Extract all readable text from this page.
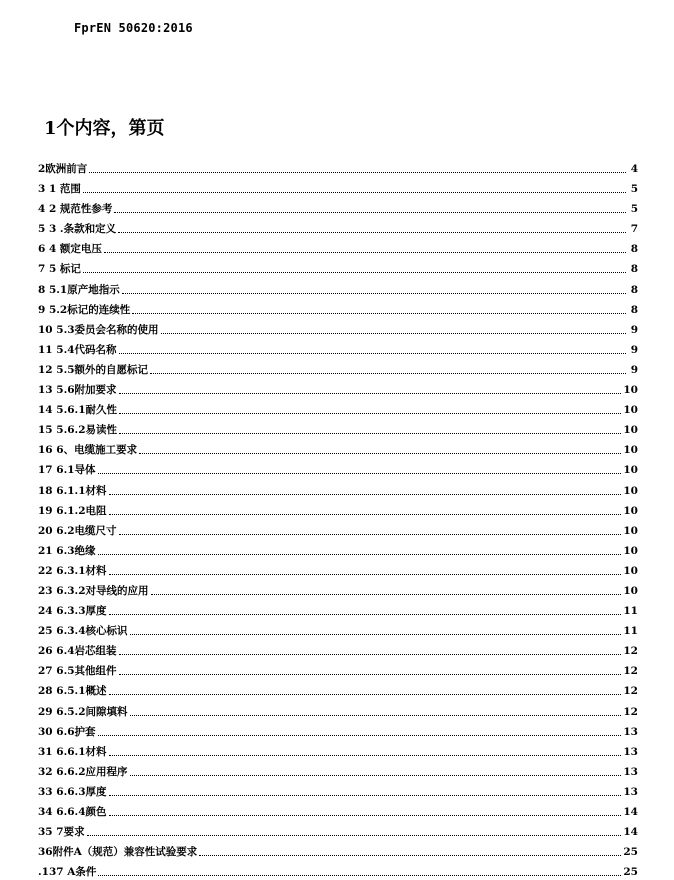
FprEN 50620:2016
1个内容，第页
2欧洲前言	4
3 1 范围	5
4 2 规范性参考	5
5 3 .条款和定义	7
6 4 额定电压	8
7 5 标记	8
8 5.1原产地指示	8
9 5.2标记的连续性	8
10 5.3委员会名称的使用	9
11 5.4代码名称	9
12 5.5额外的自愿标记	9
13 5.6附加要求	10
14 5.6.1耐久性	10
15 5.6.2易读性	10
16 6、电缆施工要求	10
17 6.1导体	10
18 6.1.1材料	10
19 6.1.2电阻	10
20 6.2电缆尺寸	10
21 6.3绝缘	10
22 6.3.1材料	10
23 6.3.2对导线的应用	10
24 6.3.3厚度	11
25 6.3.4核心标识	11
26 6.4岩芯组装	12
27 6.5其他组件	12
28 6.5.1概述	12
29 6.5.2间隙填料	12
30 6.6护套	13
31 6.6.1材料	13
32 6.6.2应用程序	13
33 6.6.3厚度	13
34 6.6.4颜色	14
35 7要求	14
36附件A（规范）兼容性试验要求	25
.137 A条件	25
